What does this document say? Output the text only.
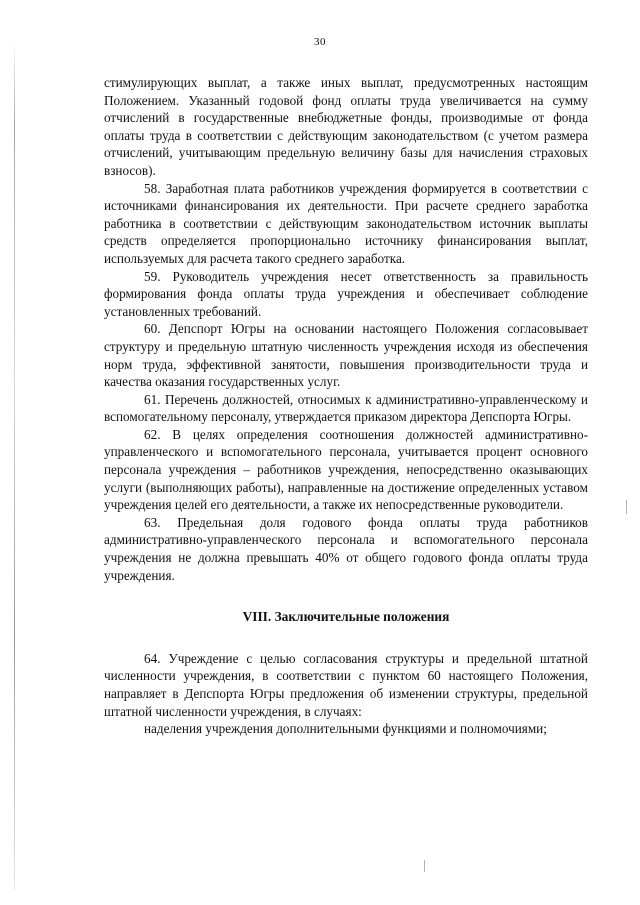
30

стимулирующих выплат, а также иных выплат, предусмотренных настоящим Положением. Указанный годовой фонд оплаты труда увеличивается на сумму отчислений в государственные внебюджетные фонды, производимые от фонда оплаты труда в соответствии с действующим законодательством (с учетом размера отчислений, учитывающим предельную величину базы для начисления страховых взносов).

58. Заработная плата работников учреждения формируется в соответствии с источниками финансирования их деятельности. При расчете среднего заработка работника в соответствии с действующим законодательством источник выплаты средств определяется пропорционально источнику финансирования выплат, используемых для расчета такого среднего заработка.

59. Руководитель учреждения несет ответственность за правильность формирования фонда оплаты труда учреждения и обеспечивает соблюдение установленных требований.

60. Депспорт Югры на основании настоящего Положения согласовывает структуру и предельную штатную численность учреждения исходя из обеспечения норм труда, эффективной занятости, повышения производительности труда и качества оказания государственных услуг.

61. Перечень должностей, относимых к административно-управленческому и вспомогательному персоналу, утверждается приказом директора Депспорта Югры.

62. В целях определения соотношения должностей административно-управленческого и вспомогательного персонала, учитывается процент основного персонала учреждения – работников учреждения, непосредственно оказывающих услуги (выполняющих работы), направленные на достижение определенных уставом учреждения целей его деятельности, а также их непосредственные руководители.

63. Предельная доля годового фонда оплаты труда работников административно-управленческого персонала и вспомогательного персонала учреждения не должна превышать 40% от общего годового фонда оплаты труда учреждения.

VIII. Заключительные положения

64. Учреждение с целью согласования структуры и предельной штатной численности учреждения, в соответствии с пунктом 60 настоящего Положения, направляет в Депспорта Югры предложения об изменении структуры, предельной штатной численности учреждения, в случаях:

наделения учреждения дополнительными функциями и полномочиями;
